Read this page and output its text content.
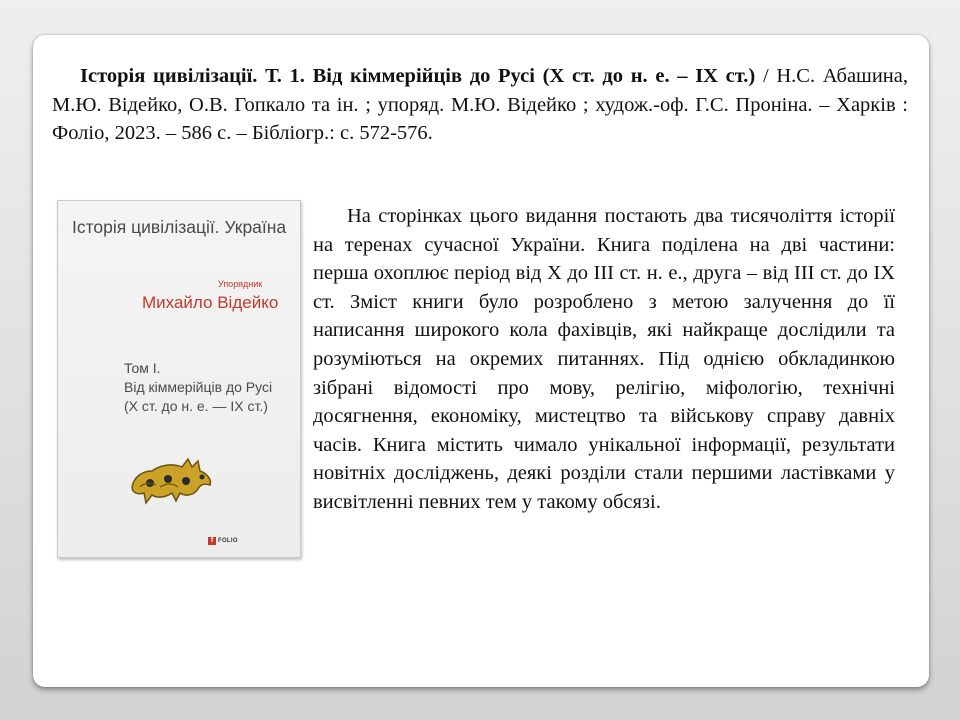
Історія цивілізації. Т. 1. Від кіммерійців до Русі (X ст. до н. е. – IX ст.) / Н.С. Абашина, М.Ю. Відейко, О.В. Гопкало та ін. ; упоряд. М.Ю. Відейко ; худож.-оф. Г.С. Проніна. – Харків : Фоліо, 2023. – 586 с. – Бібліогр.: с. 572-576.

Історія цивілізації. Україна
Упорядник
Михайло Відейко
Том I.
Від кіммерійців до Русі
(X ст. до н. е. — IX ст.)
f FOLIO

На сторінках цього видання постають два тисячоліття історії на теренах сучасної України. Книга поділена на дві частини: перша охоплює період від X до III ст. н. е., друга – від III ст. до IX ст. Зміст книги було розроблено з метою залучення до її написання широкого кола фахівців, які найкраще дослідили та розуміються на окремих питаннях. Під однією обкладинкою зібрані відомості про мову, релігію, міфологію, технічні досягнення, економіку, мистецтво та військову справу давніх часів. Книга містить чимало унікальної інформації, результати новітніх досліджень, деякі розділи стали першими ластівками у висвітленні певних тем у такому обсязі.
